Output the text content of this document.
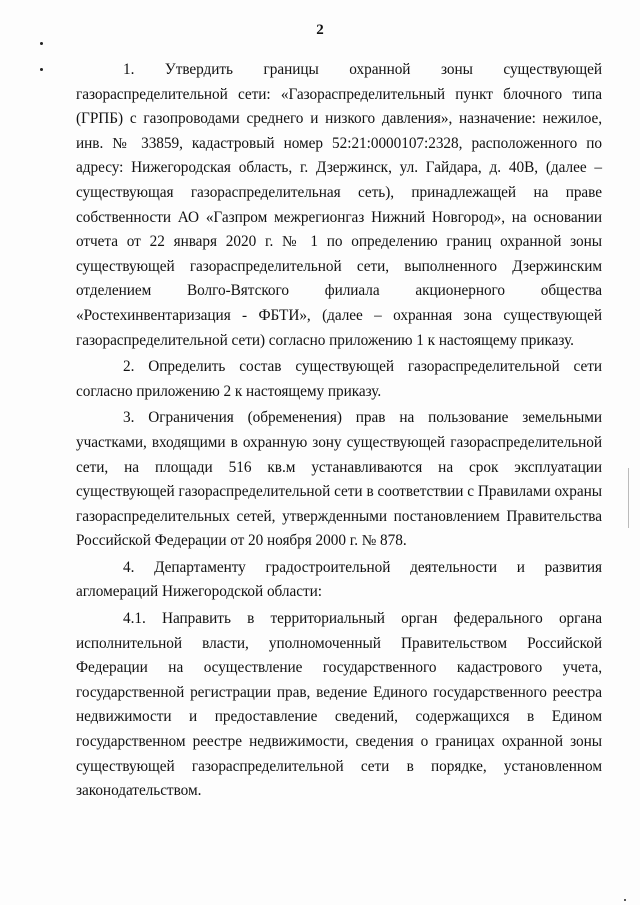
2

1. Утвердить границы охранной зоны существующей газораспределительной сети: «Газораспределительный пункт блочного типа (ГРПБ) с газопроводами среднего и низкого давления», назначение: нежилое, инв. № 33859, кадастровый номер 52:21:0000107:2328, расположенного по адресу: Нижегородская область, г. Дзержинск, ул. Гайдара, д. 40В, (далее – существующая газораспределительная сеть), принадлежащей на праве собственности АО «Газпром межрегионгаз Нижний Новгород», на основании отчета от 22 января 2020 г. № 1 по определению границ охранной зоны существующей газораспределительной сети, выполненного Дзержинским отделением Волго-Вятского филиала акционерного общества «Ростехинвентаризация - ФБТИ», (далее – охранная зона существующей газораспределительной сети) согласно приложению 1 к настоящему приказу.

2. Определить состав существующей газораспределительной сети согласно приложению 2 к настоящему приказу.

3. Ограничения (обременения) прав на пользование земельными участками, входящими в охранную зону существующей газораспределительной сети, на площади 516 кв.м устанавливаются на срок эксплуатации существующей газораспределительной сети в соответствии с Правилами охраны газораспределительных сетей, утвержденными постановлением Правительства Российской Федерации от 20 ноября 2000 г. № 878.

4. Департаменту градостроительной деятельности и развития агломераций Нижегородской области:

4.1. Направить в территориальный орган федерального органа исполнительной власти, уполномоченный Правительством Российской Федерации на осуществление государственного кадастрового учета, государственной регистрации прав, ведение Единого государственного реестра недвижимости и предоставление сведений, содержащихся в Едином государственном реестре недвижимости, сведения о границах охранной зоны существующей газораспределительной сети в порядке, установленном законодательством.
